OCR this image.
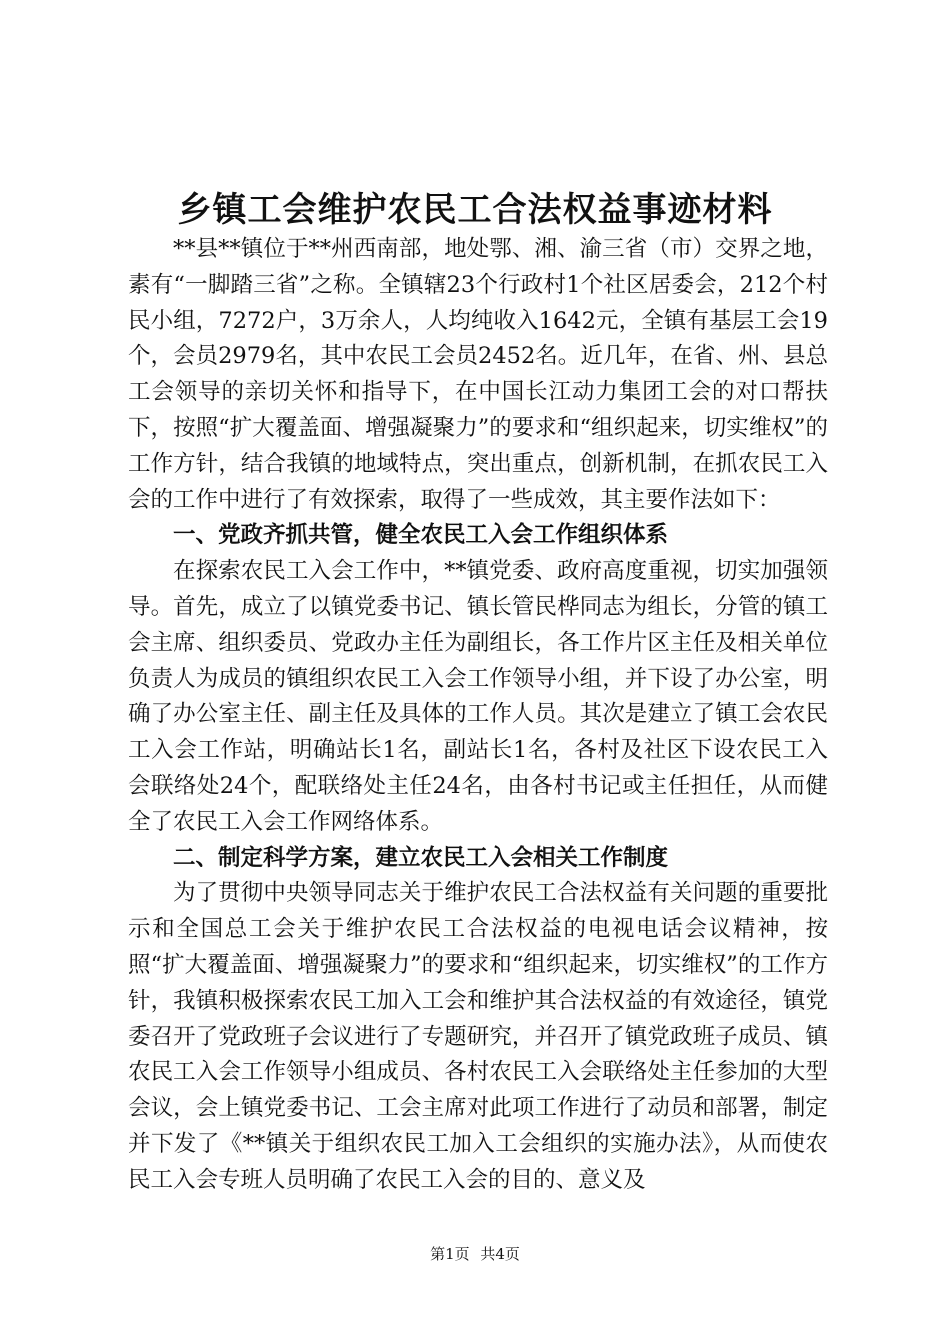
乡镇工会维护农民工合法权益事迹材料

**县**镇位于**州西南部，地处鄂、湘、渝三省（市）交界之地，素有“一脚踏三省”之称。全镇辖23个行政村1个社区居委会，212个村民小组，7272户，3万余人，人均纯收入1642元，全镇有基层工会19个，会员2979名，其中农民工会员2452名。近几年，在省、州、县总工会领导的亲切关怀和指导下，在中国长江动力集团工会的对口帮扶下，按照“扩大覆盖面、增强凝聚力”的要求和“组织起来，切实维权”的工作方针，结合我镇的地域特点，突出重点，创新机制，在抓农民工入会的工作中进行了有效探索，取得了一些成效，其主要作法如下：

一、党政齐抓共管，健全农民工入会工作组织体系

在探索农民工入会工作中，**镇党委、政府高度重视，切实加强领导。首先，成立了以镇党委书记、镇长管民桦同志为组长，分管的镇工会主席、组织委员、党政办主任为副组长，各工作片区主任及相关单位负责人为成员的镇组织农民工入会工作领导小组，并下设了办公室，明确了办公室主任、副主任及具体的工作人员。其次是建立了镇工会农民工入会工作站，明确站长1名，副站长1名，各村及社区下设农民工入会联络处24个，配联络处主任24名，由各村书记或主任担任，从而健全了农民工入会工作网络体系。

二、制定科学方案，建立农民工入会相关工作制度

为了贯彻中央领导同志关于维护农民工合法权益有关问题的重要批示和全国总工会关于维护农民工合法权益的电视电话会议精神，按照“扩大覆盖面、增强凝聚力”的要求和“组织起来，切实维权”的工作方针，我镇积极探索农民工加入工会和维护其合法权益的有效途径，镇党委召开了党政班子会议进行了专题研究，并召开了镇党政班子成员、镇农民工入会工作领导小组成员、各村农民工入会联络处主任参加的大型会议，会上镇党委书记、工会主席对此项工作进行了动员和部署，制定并下发了《**镇关于组织农民工加入工会组织的实施办法》，从而使农民工入会专班人员明确了农民工入会的目的、意义及

第1页 共4页
